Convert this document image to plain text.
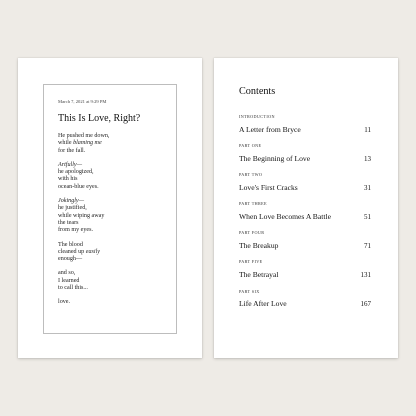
March 7, 2021 at 9:29 PM
This Is Love, Right?
He pushed me down,
while blaming me
for the fall.
Artfully—
he apologized,
with his
ocean-blue eyes.
Jokingly—
he justified,
while wiping away
the tears
from my eyes.
The blood
cleaned up easily
enough—
and so,
I learned
to call this...
love.
Contents
INTRODUCTION
A Letter from Bryce	11
PART ONE
The Beginning of Love	13
PART TWO
Love's First Cracks	31
PART THREE
When Love Becomes A Battle	51
PART FOUR
The Breakup	71
PART FIVE
The Betrayal	131
PART SIX
Life After Love	167
